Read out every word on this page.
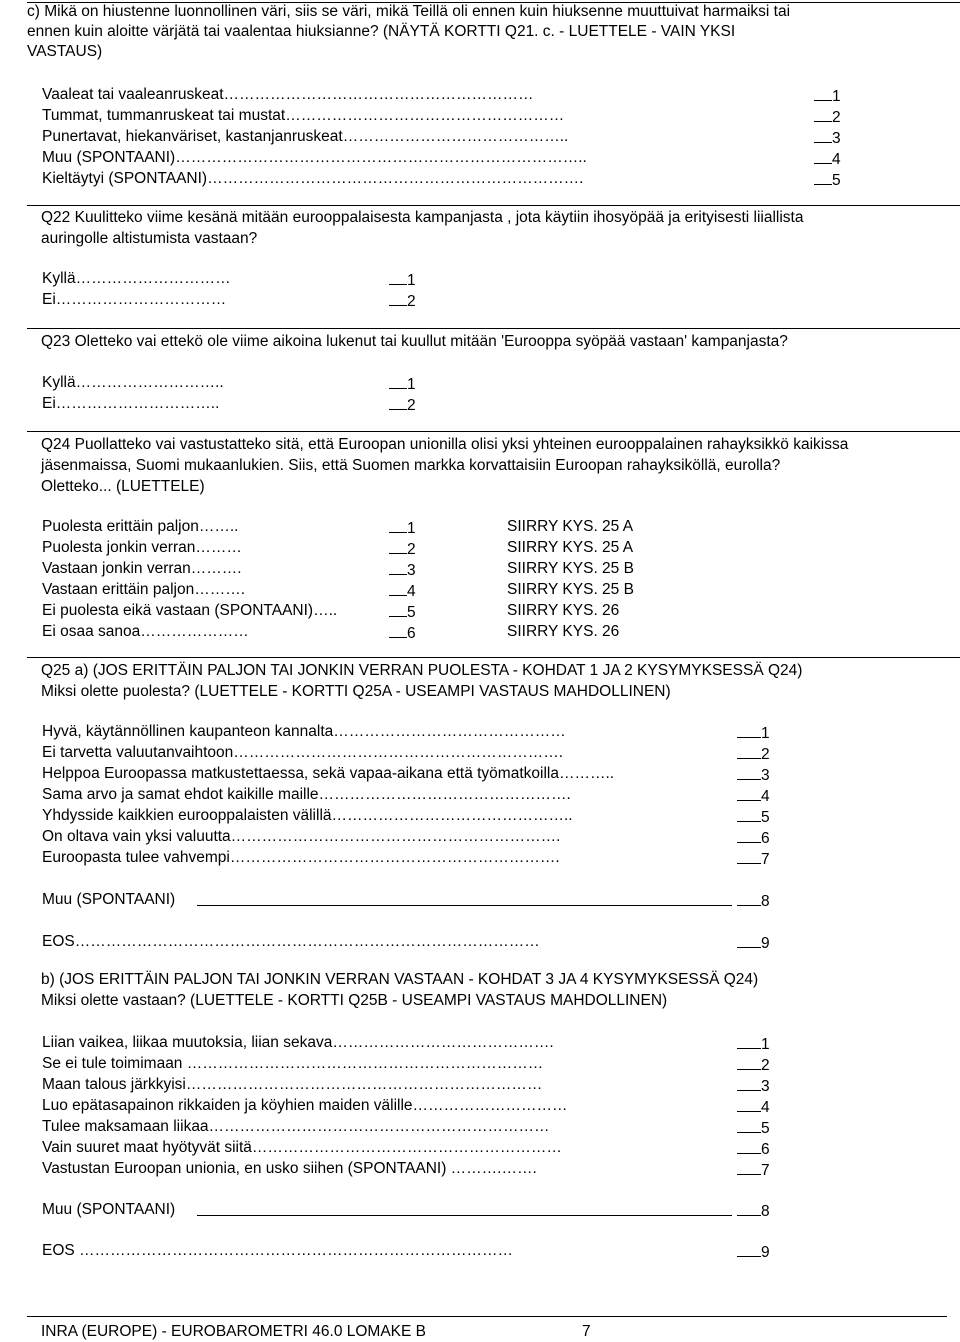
c) Mikä on hiustenne luonnollinen väri, siis se väri, mikä Teillä oli ennen kuin hiuksenne muuttuivat harmaiksi tai
ennen kuin aloitte värjätä tai vaalentaa hiuksianne? (NÄYTÄ KORTTI Q21. c. - LUETTELE - VAIN YKSI
VASTAUS)

Vaaleat tai vaaleanruskeat……………………………………………………

	1

Tummat, tummanruskeat tai mustat………………………………………………

	2

Punertavat, hiekanväriset, kastanjanruskeat……………………………………..

	3

Muu (SPONTAANI)……………………………………………………………………..

	4

Kieltäytyi (SPONTAANI)……………………………………………………………….

	5

Q22 Kuulitteko viime kesänä mitään eurooppalaisesta kampanjasta , jota käytiin ihosyöpää ja erityisesti liiallista
auringolle altistumista vastaan?

Kyllä…………………………

	1

Ei……………………………

	2

Q23 Oletteko vai ettekö ole viime aikoina lukenut tai kuullut mitään 'Eurooppa syöpää vastaan' kampanjasta?

Kyllä………………………..

	1

Ei…………………………..

	2

Q24 Puollatteko vai vastustatteko sitä, että Euroopan unionilla olisi yksi yhteinen eurooppalainen rahayksikkö kaikissa
jäsenmaissa, Suomi mukaanlukien. Siis, että Suomen markka korvattaisiin Euroopan rahayksiköllä, eurolla?
Oletteko... (LUETTELE)

Puolesta erittäin paljon……..

	1

	SIIRRY KYS. 25 A

Puolesta jonkin verran………

	2

	SIIRRY KYS. 25 A

Vastaan jonkin verran……….

	3

	SIIRRY KYS. 25 B

Vastaan erittäin paljon……….

	4

	SIIRRY KYS. 25 B

Ei puolesta eikä vastaan (SPONTAANI)…..

	5

	SIIRRY KYS. 26

Ei osaa sanoa…………………

	6

	SIIRRY KYS. 26

Q25 a) (JOS ERITTÄIN PALJON TAI JONKIN VERRAN PUOLESTA - KOHDAT 1 JA 2 KYSYMYKSESSÄ Q24)
Miksi olette puolesta? (LUETTELE - KORTTI Q25A - USEAMPI VASTAUS MAHDOLLINEN)

Hyvä, käytännöllinen kaupanteon kannalta………………………………………

	1

Ei tarvetta valuutanvaihtoon……………………………………………………….

	2

Helppoa Euroopassa matkustettaessa, sekä vapaa-aikana että työmatkoilla………..

	3

Sama arvo ja samat ehdot kaikille maille………………………………………….

	4

Yhdysside kaikkien eurooppalaisten välillä………………………………………..

	5

On oltava vain yksi valuutta……………………………………………………….

	6

Euroopasta tulee vahvempi……………………………………………………….

	7

Muu (SPONTAANI)

	8

EOS………………………………………………………………………………

	9

b) (JOS ERITTÄIN PALJON TAI JONKIN VERRAN VASTAAN - KOHDAT 3 JA 4 KYSYMYKSESSÄ Q24)
Miksi olette vastaan? (LUETTELE - KORTTI Q25B - USEAMPI VASTAUS MAHDOLLINEN)

Liian vaikea, liikaa muutoksia, liian sekava…………………………………….

	1

Se ei tule toimimaan ……………………………………………………………

	2

Maan talous järkkyisi……………………………………………………………

	3

Luo epätasapainon rikkaiden ja köyhien maiden välille…………………………

	4

Tulee maksamaan liikaa…………………………………………………………

	5

Vain suuret maat hyötyvät siitä……………………………………………………

	6

Vastustan Euroopan unionia, en usko siihen (SPONTAANI) ……….…….

	7

Muu (SPONTAANI)

	8

EOS …………………………………………………………………………

	9

INRA (EUROPE) - EUROBAROMETRI 46.0 LOMAKE B	7
